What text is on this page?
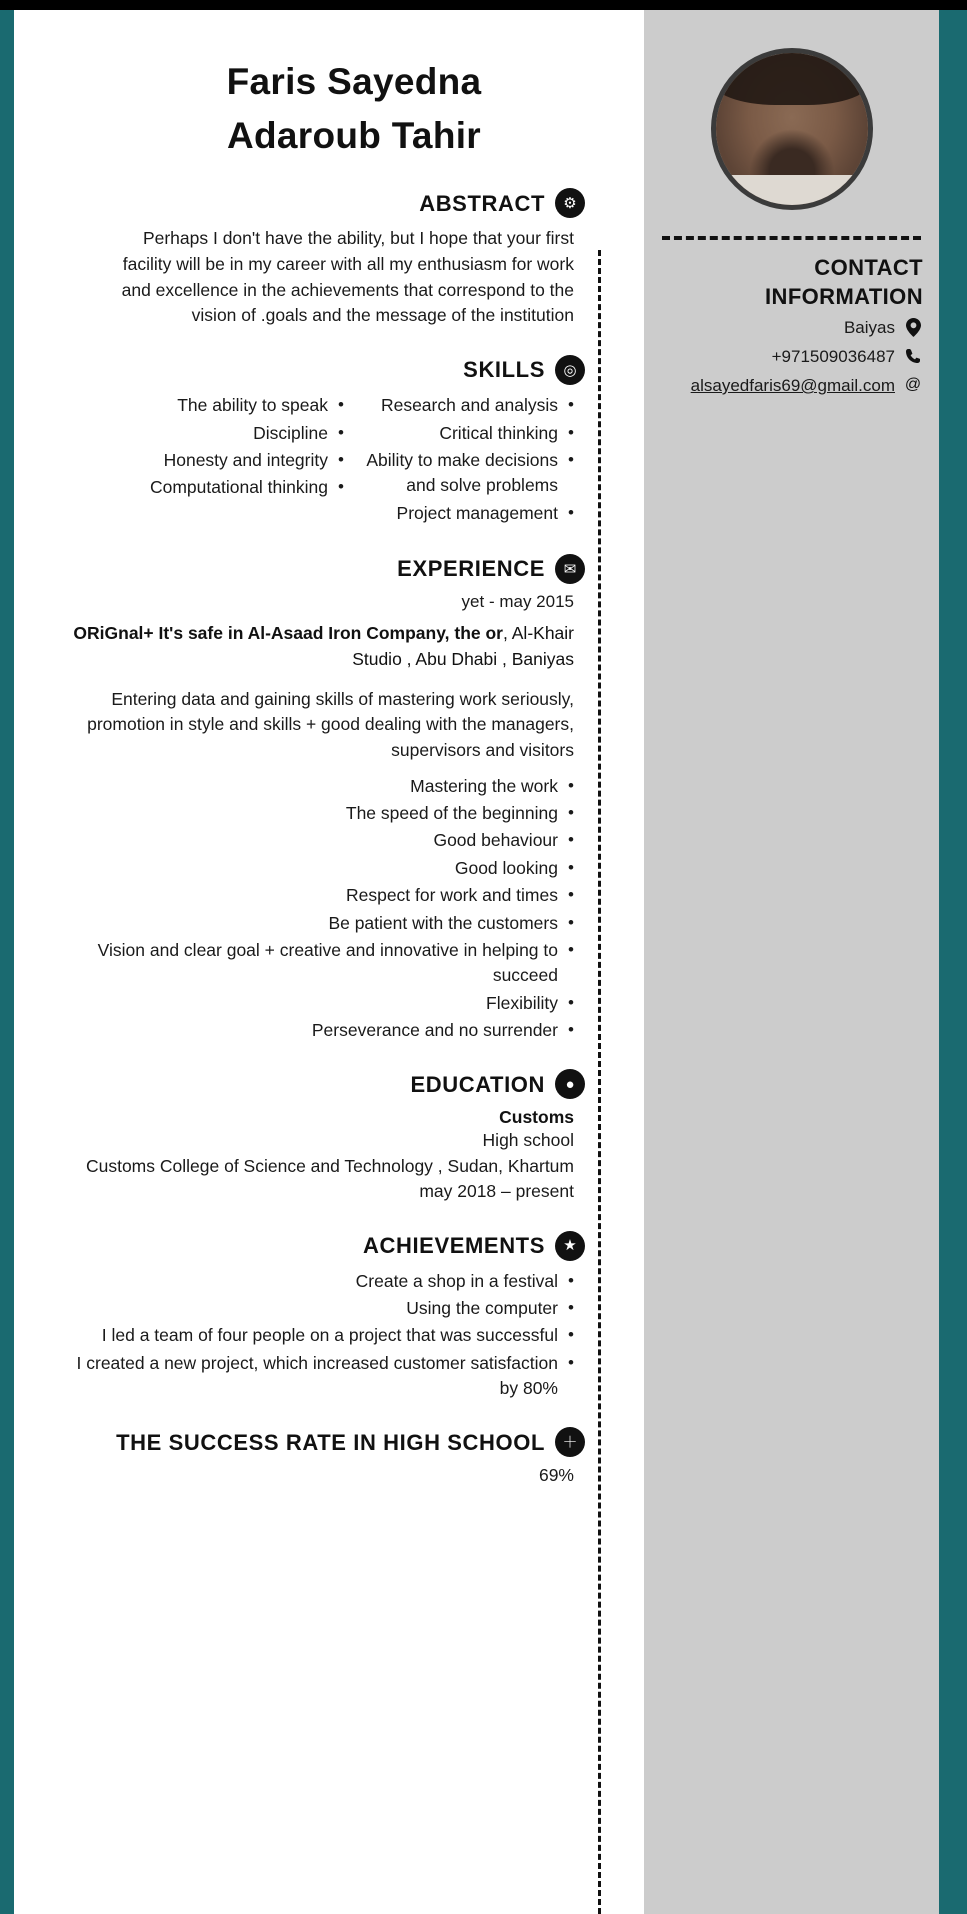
Faris Sayedna
Adaroub Tahir
ABSTRACT	⚙
Perhaps I don't have the ability, but I hope that your first facility will be in my career with all my enthusiasm for work and excellence in the achievements that correspond to the vision of .goals and the message of the institution
SKILLS	◎
The ability to speak •
Discipline •
Honesty and integrity •
Computational thinking •
Research and analysis •
Critical thinking •
Ability to make decisions and solve problems •
Project management •
EXPERIENCE	✉
yet - may 2015
ORiGnal+ It's safe in Al-Asaad Iron Company, the or, Al-Khair Studio , Abu Dhabi , Baniyas
Entering data and gaining skills of mastering work seriously, promotion in style and skills + good dealing with the managers, supervisors and visitors
Mastering the work •
The speed of the beginning •
Good behaviour •
Good looking •
Respect for work and times •
Be patient with the customers •
Vision and clear goal + creative and innovative in helping to succeed •
Flexibility •
Perseverance and no surrender •
EDUCATION	●
Customs
High school
Customs College of Science and Technology , Sudan, Khartum
may 2018 – present
ACHIEVEMENTS	★
Create a shop in a festival •
Using the computer •
I led a team of four people on a project that was successful •
I created a new project, which increased customer satisfaction by 80% •
THE SUCCESS RATE IN HIGH SCHOOL	＋
69%
CONTACT
INFORMATION
Baiyas
+971509036487
alsayedfaris69@gmail.com @
